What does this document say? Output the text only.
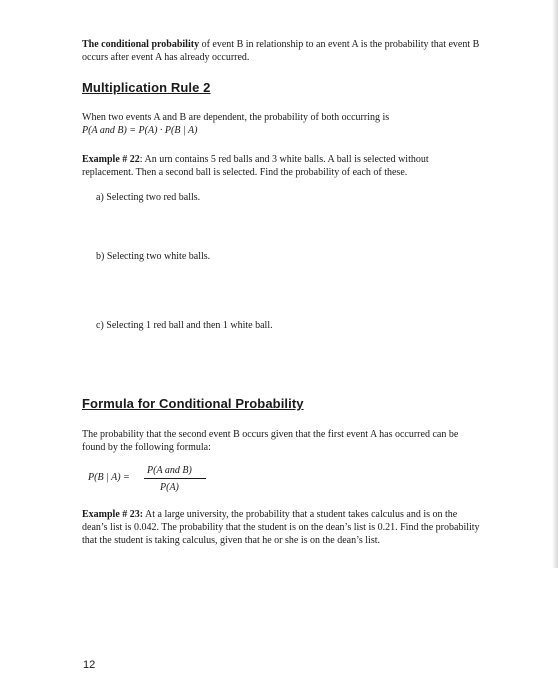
The conditional probability of event B in relationship to an event A is the probability that event B occurs after event A has already occurred.
Multiplication Rule 2
When two events A and B are dependent, the probability of both occurring is
P(A and B) = P(A) · P(B | A)
Example # 22: An urn contains 5 red balls and 3 white balls. A ball is selected without replacement. Then a second ball is selected. Find the probability of each of these.
a) Selecting two red balls.
b) Selecting two white balls.
c) Selecting 1 red ball and then 1 white ball.
Formula for Conditional Probability
The probability that the second event B occurs given that the first event A has occurred can be found by the following formula:
P(B | A) =
P(A and B)
P(A)
Example # 23: At a large university, the probability that a student takes calculus and is on the dean’s list is 0.042. The probability that the student is on the dean’s list is 0.21. Find the probability that the student is taking calculus, given that he or she is on the dean’s list.
12
